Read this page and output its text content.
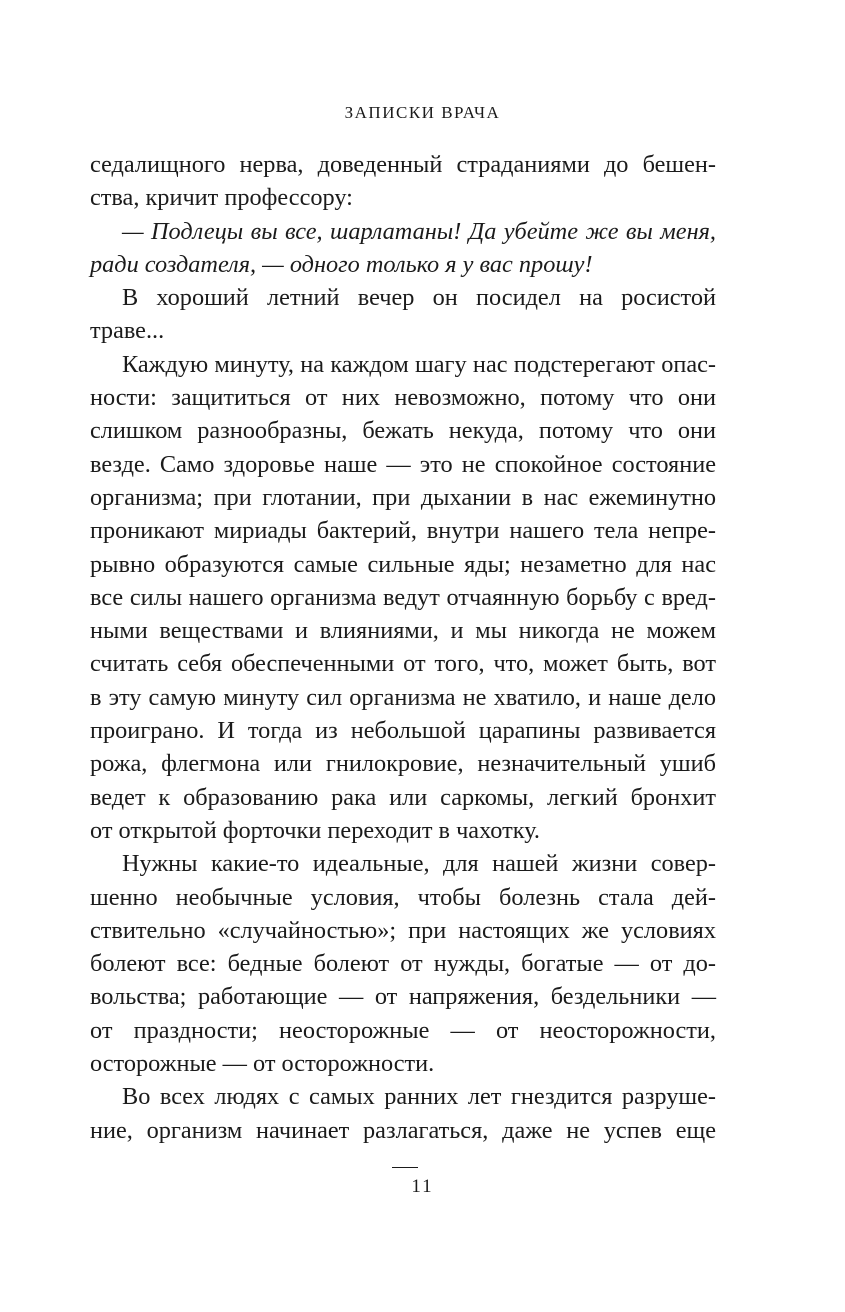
ЗАПИСКИ ВРАЧА
седалищного нерва, доведенный страданиями до бешен-
ства, кричит профессору:
— Подлецы вы все, шарлатаны! Да убейте же вы меня,
ради создателя, — одного только я у вас прошу!
В хороший летний вечер он посидел на росистой
траве...
Каждую минуту, на каждом шагу нас подстерегают опас-
ности: защититься от них невозможно, потому что они
слишком разнообразны, бежать некуда, потому что они
везде. Само здоровье наше — это не спокойное состояние
организма; при глотании, при дыхании в нас ежеминутно
проникают мириады бактерий, внутри нашего тела непре-
рывно образуются самые сильные яды; незаметно для нас
все силы нашего организма ведут отчаянную борьбу с вред-
ными веществами и влияниями, и мы никогда не можем
считать себя обеспеченными от того, что, может быть, вот
в эту самую минуту сил организма не хватило, и наше дело
проиграно. И тогда из небольшой царапины развивается
рожа, флегмона или гнилокровие, незначительный ушиб
ведет к образованию рака или саркомы, легкий бронхит
от открытой форточки переходит в чахотку.
Нужны какие-то идеальные, для нашей жизни совер-
шенно необычные условия, чтобы болезнь стала дей-
ствительно «случайностью»; при настоящих же условиях
болеют все: бедные болеют от нужды, богатые — от до-
вольства; работающие — от напряжения, бездельники —
от праздности; неосторожные — от неосторожности,
осторожные — от осторожности.
Во всех людях с самых ранних лет гнездится разруше-
ние, организм начинает разлагаться, даже не успев еще
11
